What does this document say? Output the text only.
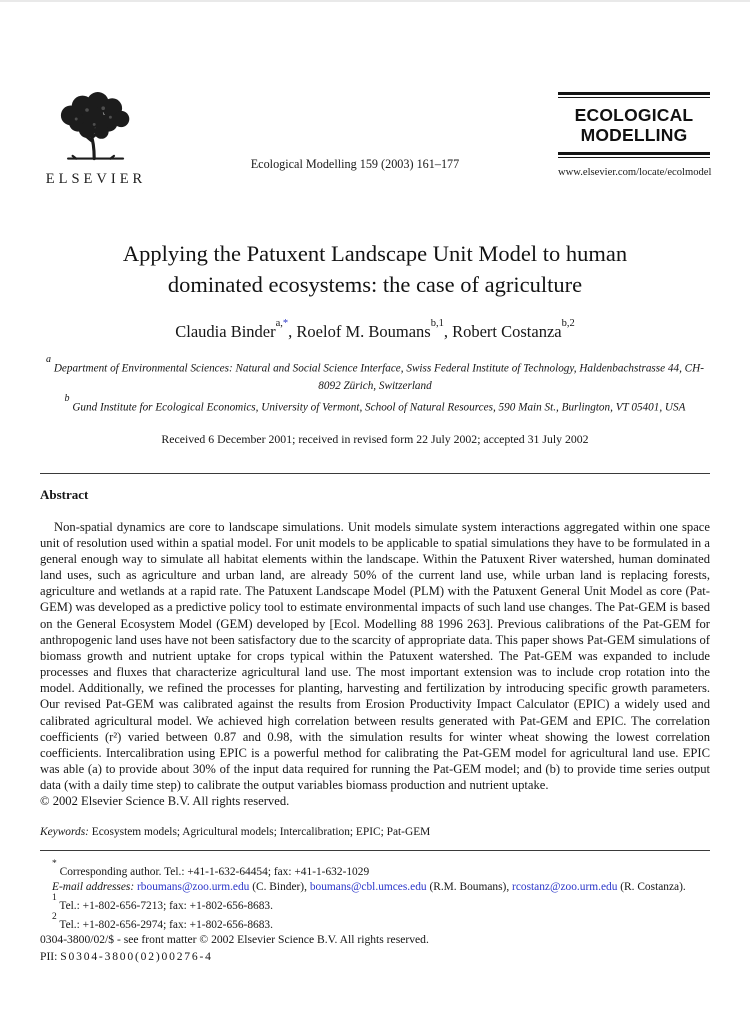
ELSEVIER
Ecological Modelling 159 (2003) 161–177
ECOLOGICAL
MODELLING
www.elsevier.com/locate/ecolmodel
Applying the Patuxent Landscape Unit Model to human
dominated ecosystems: the case of agriculture

Claudia Binder$^{a,*}$, Roelof M. Boumans$^{b,1}$, Robert Costanza$^{b,2}$

$^a$ Department of Environmental Sciences: Natural and Social Science Interface, Swiss Federal Institute of Technology, Haldenbachstrasse 44, CH-8092 Zürich, Switzerland

$^b$ Gund Institute for Ecological Economics, University of Vermont, School of Natural Resources, 590 Main St., Burlington, VT 05401, USA

Received 6 December 2001; received in revised form 22 July 2002; accepted 31 July 2002

Abstract

Non-spatial dynamics are core to landscape simulations. Unit models simulate system interactions aggregated within one space unit of resolution used within a spatial model. For unit models to be applicable to spatial simulations they have to be formulated in a general enough way to simulate all habitat elements within the landscape. Within the Patuxent River watershed, human dominated land uses, such as agriculture and urban land, are already 50% of the current land use, while urban land is replacing forests, agriculture and wetlands at a rapid rate. The Patuxent Landscape Model (PLM) with the Patuxent General Unit Model as core (Pat-GEM) was developed as a predictive policy tool to estimate environmental impacts of such land use changes. The Pat-GEM is based on the General Ecosystem Model (GEM) developed by [Ecol. Modelling 88 1996 263]. Previous calibrations of the Pat-GEM for anthropogenic land uses have not been satisfactory due to the scarcity of appropriate data. This paper shows Pat-GEM simulations of biomass growth and nutrient uptake for crops typical within the Patuxent watershed. The Pat-GEM was expanded to include processes and fluxes that characterize agricultural land use. The most important extension was to include crop rotation into the model. Additionally, we refined the processes for planting, harvesting and fertilization by introducing specific growth parameters. Our revised Pat-GEM was calibrated against the results from Erosion Productivity Impact Calculator (EPIC) a widely used and calibrated agricultural model. We achieved high correlation between results generated with Pat-GEM and EPIC. The correlation coefficients (r²) varied between 0.87 and 0.98, with the simulation results for winter wheat showing the lowest correlation coefficients. Intercalibration using EPIC is a powerful method for calibrating the Pat-GEM model for agricultural land use. EPIC was able (a) to provide about 30% of the input data required for running the Pat-GEM model; and (b) to provide time series output data (with a daily time step) to calibrate the output variables biomass production and nutrient uptake.

© 2002 Elsevier Science B.V. All rights reserved.

Keywords: Ecosystem models; Agricultural models; Intercalibration; EPIC; Pat-GEM

* Corresponding author. Tel.: +41-1-632-64454; fax: +41-1-632-1029

E-mail addresses: rboumans@zoo.urm.edu (C. Binder), boumans@cbl.umces.edu (R.M. Boumans), rcostanz@zoo.urm.edu (R. Costanza).

$^1$ Tel.: +1-802-656-7213; fax: +1-802-656-8683.

$^2$ Tel.: +1-802-656-2974; fax: +1-802-656-8683.

0304-3800/02/$ - see front matter © 2002 Elsevier Science B.V. All rights reserved.
PII: S0304-3800(02)00276-4
